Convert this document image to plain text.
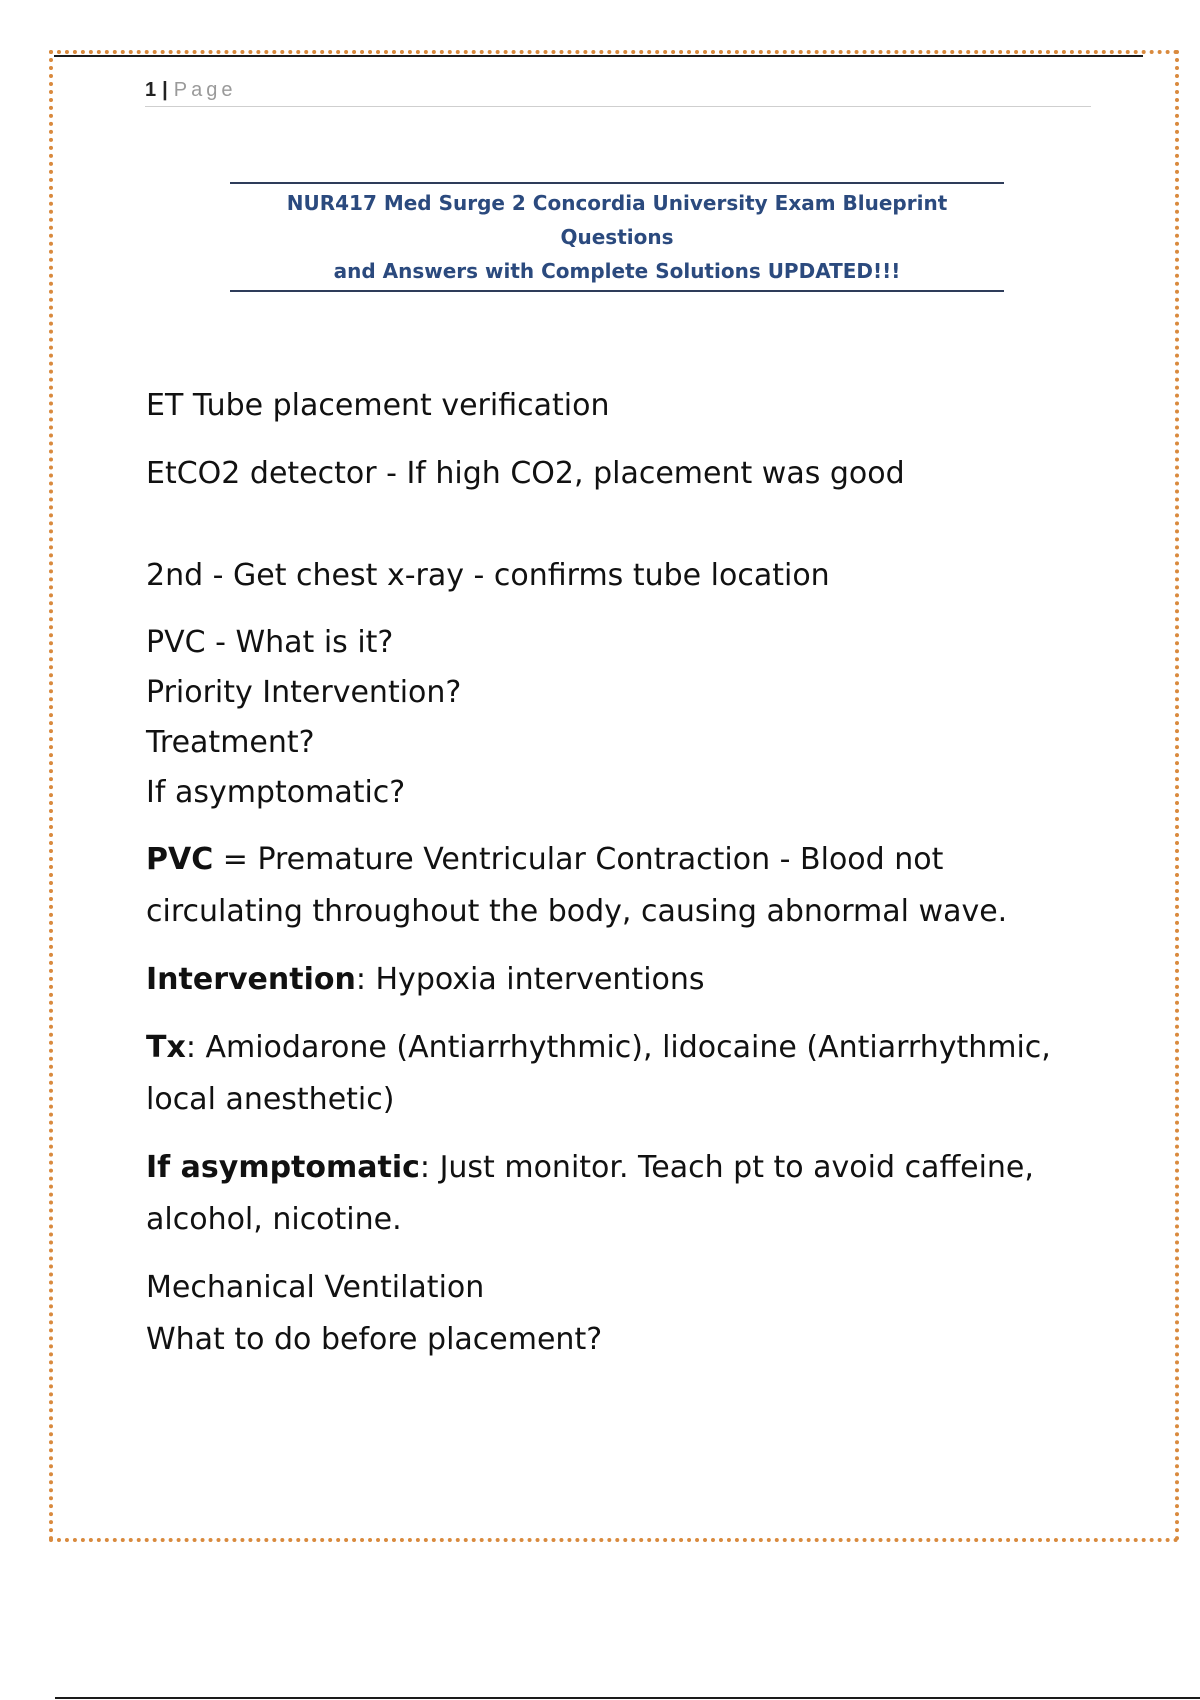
1 | Page
NUR417 Med Surge 2 Concordia University Exam Blueprint Questions
and Answers with Complete Solutions UPDATED!!!

ET Tube placement verification

EtCO2 detector - If high CO2, placement was good

2nd - Get chest x-ray - confirms tube location

PVC - What is it?

Priority Intervention?

Treatment?

If asymptomatic?

PVC = Premature Ventricular Contraction - Blood not circulating throughout the body, causing abnormal wave.

Intervention: Hypoxia interventions

Tx: Amiodarone (Antiarrhythmic), lidocaine (Antiarrhythmic, local anesthetic)

If asymptomatic: Just monitor. Teach pt to avoid caffeine, alcohol, nicotine.

Mechanical Ventilation

What to do before placement?
